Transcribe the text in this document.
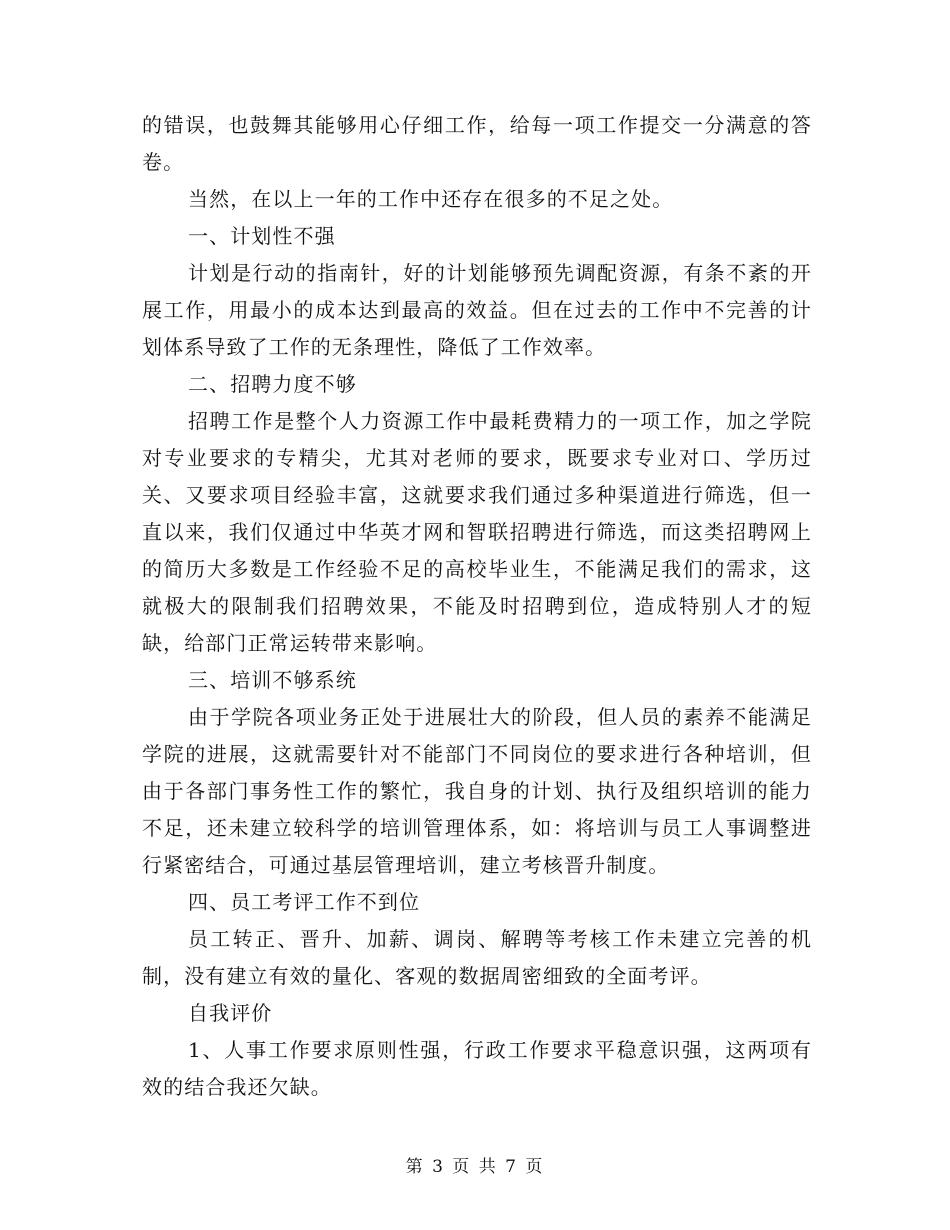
的错误，也鼓舞其能够用心仔细工作，给每一项工作提交一分满意的答卷。

当然，在以上一年的工作中还存在很多的不足之处。

一、计划性不强

计划是行动的指南针，好的计划能够预先调配资源，有条不紊的开展工作，用最小的成本达到最高的效益。但在过去的工作中不完善的计划体系导致了工作的无条理性，降低了工作效率。

二、招聘力度不够

招聘工作是整个人力资源工作中最耗费精力的一项工作，加之学院对专业要求的专精尖，尤其对老师的要求，既要求专业对口、学历过关、又要求项目经验丰富，这就要求我们通过多种渠道进行筛选，但一直以来，我们仅通过中华英才网和智联招聘进行筛选，而这类招聘网上的简历大多数是工作经验不足的高校毕业生，不能满足我们的需求，这就极大的限制我们招聘效果，不能及时招聘到位，造成特别人才的短缺，给部门正常运转带来影响。

三、培训不够系统

由于学院各项业务正处于进展壮大的阶段，但人员的素养不能满足学院的进展，这就需要针对不能部门不同岗位的要求进行各种培训，但由于各部门事务性工作的繁忙，我自身的计划、执行及组织培训的能力不足，还未建立较科学的培训管理体系，如：将培训与员工人事调整进行紧密结合，可通过基层管理培训，建立考核晋升制度。

四、员工考评工作不到位

员工转正、晋升、加薪、调岗、解聘等考核工作未建立完善的机制，没有建立有效的量化、客观的数据周密细致的全面考评。

自我评价

1、人事工作要求原则性强，行政工作要求平稳意识强，这两项有效的结合我还欠缺。

第 3 页 共 7 页
